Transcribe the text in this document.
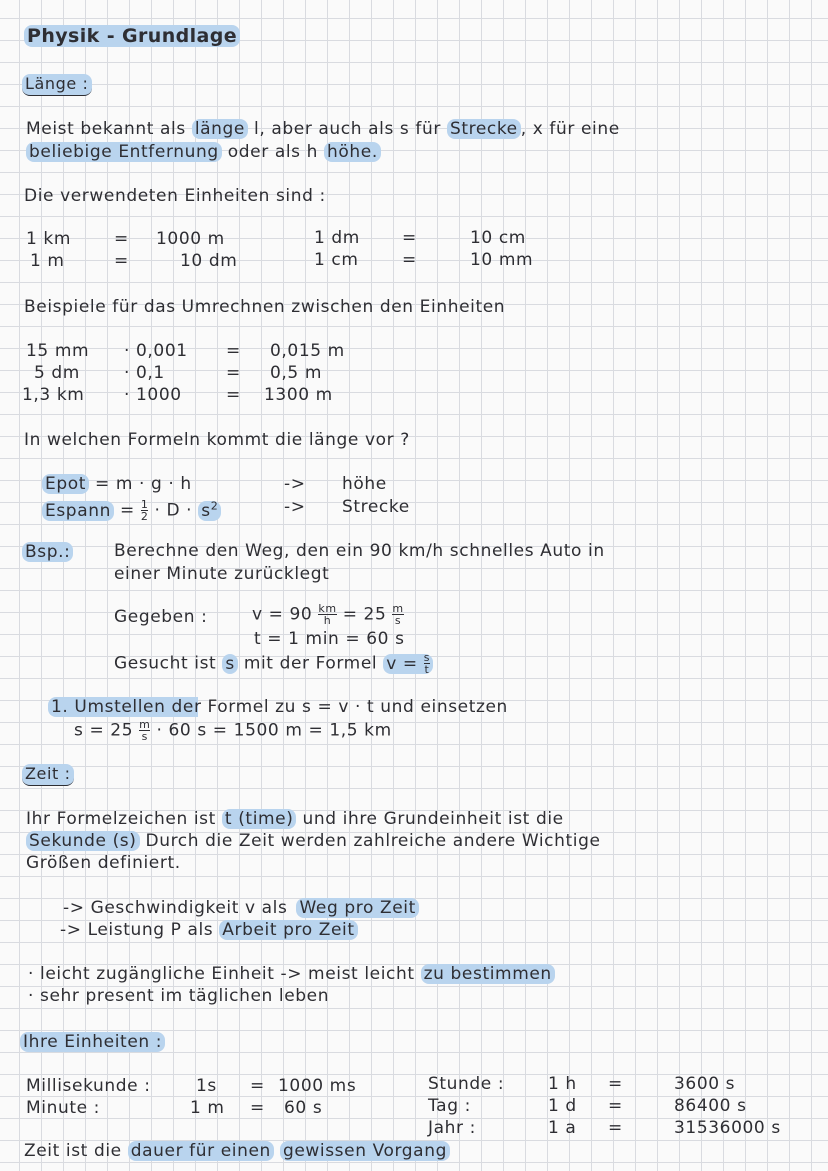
Physik - Grundlage
Länge :
Meist bekannt als länge l, aber auch als s für Strecke , x für eine
beliebige Entfernung oder als h höhe.
Die verwendeten Einheiten sind :
1 km	= 1000 m
1 m	=	10 dm
1 dm =	10 cm
1 cm	=	10 mm
Beispiele für das Umrechnen zwischen den Einheiten
15 mm · 0,001 = 0,015 m
5 dm	· 0,1	= 0,5 m
1,3 km · 1000	= 1300 m
In welchen Formeln kommt die länge vor ?
Epot = m · g · h	-> höhe
Espann = $\frac{1}{2} \cdot D \cdot s^2$	-> Strecke
Bsp.:	Berechne den Weg, den ein 90 km/h schnelles Auto in
einer Minute zurücklegt
Gegeben :	$v = 90 \frac{km}{h} = 25 \frac{m}{s}$
t = 1 min = 60 s
Gesucht ist s mit der Formel $v = \frac{s}{t}$
1. Umstellen der Formel zu s = v · t und einsetzen
$s = 25 \frac{m}{s} \cdot 60$ s = 1500 m = 1,5 km
Zeit :
Ihr Formelzeichen ist t (time) und ihre Grundeinheit ist die
Sekunde (s) Durch die Zeit werden zahlreiche andere Wichtige
Größen definiert.
-> Geschwindigkeit v als Weg pro Zeit
-> Leistung P als Arbeit pro Zeit
· leicht zugängliche Einheit -> meist leicht zu bestimmen
· sehr present im täglichen leben
Ihre Einheiten :
Millisekunde :	1s = 1000 ms
Minute :	1 m = 60 s
Stunde :	1 h =	3600 s
Tag :	1 d =	86400 s
Jahr :	1 a =	31536000 s
Zeit ist die dauer für einen gewissen Vorgang
